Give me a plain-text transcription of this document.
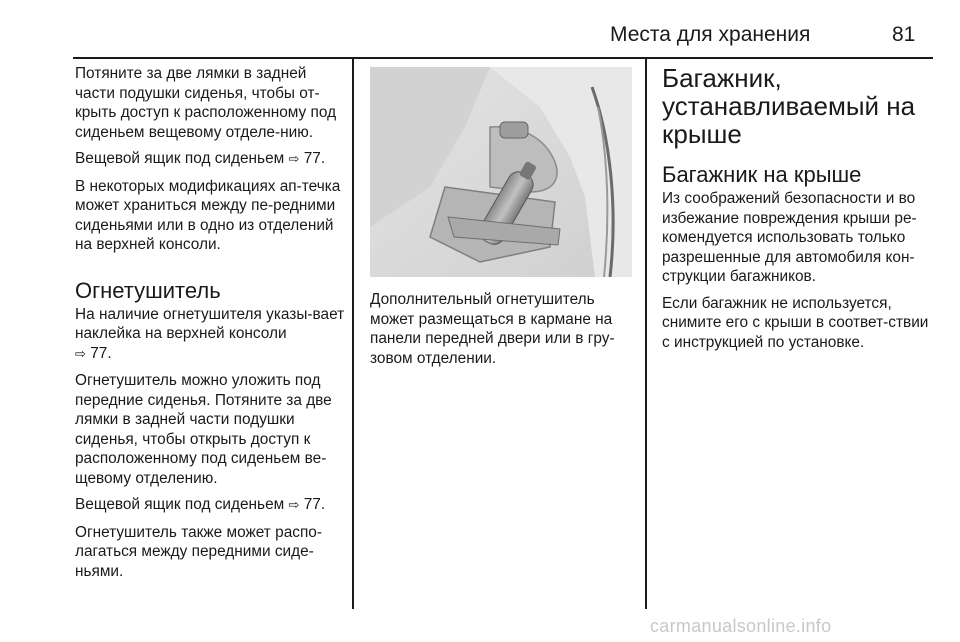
Места для хранения	81

Потяните за две лямки в задней части подушки сиденья, чтобы от-крыть доступ к расположенному под сиденьем вещевому отделе-нию.

Вещевой ящик под сиденьем ⇨ 77.

В некоторых модификациях ап-течка может храниться между пе-редними сиденьями или в одно из отделений на верхней консоли.

Огнетушитель

На наличие огнетушителя указы-вает наклейка на верхней консоли
⇨ 77.

Огнетушитель можно уложить под передние сиденья. Потяните за две лямки в задней части подушки сиденья, чтобы открыть доступ к расположенному под сиденьем ве-щевому отделению.

Вещевой ящик под сиденьем ⇨ 77.

Огнетушитель также может распо-лагаться между передними сиде-ньями.

Дополнительный огнетушитель может размещаться в кармане на панели передней двери или в гру-зовом отделении.

Багажник, устанавливаемый на крыше
Багажник на крыше

Из соображений безопасности и во избежание повреждения крыши ре-комендуется использовать только разрешенные для автомобиля кон-струкции багажников.

Если багажник не используется, снимите его с крыши в соответ-ствии с инструкцией по установке.

carmanualsonline.info
